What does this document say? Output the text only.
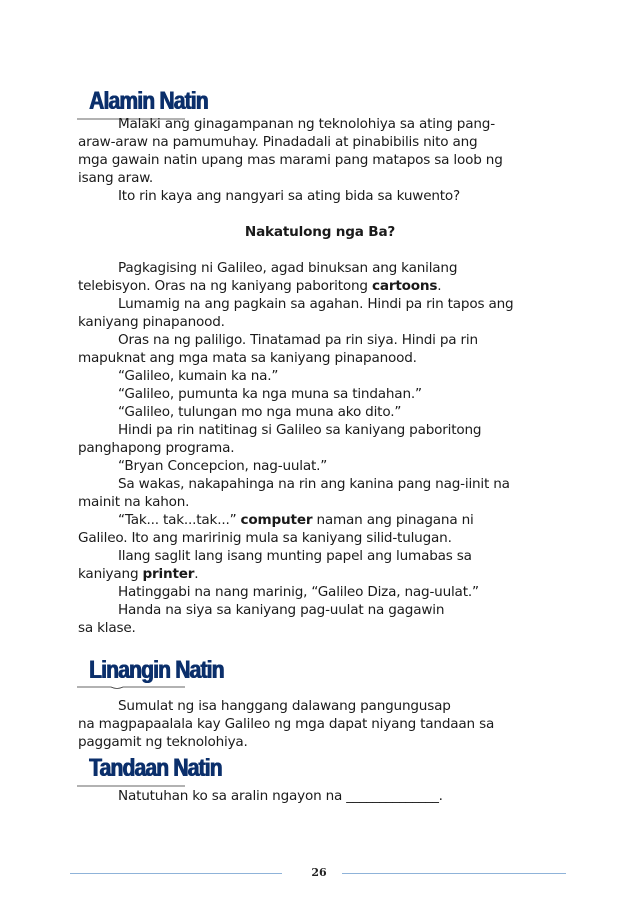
Alamin Natin

Malaki ang ginagampanan ng teknolohiya sa ating pang-

araw-araw na pamumuhay. Pinadadali at pinabibilis nito ang

mga gawain natin upang mas marami pang matapos sa loob ng

isang araw.

Ito rin kaya ang nangyari sa ating bida sa kuwento?

Nakatulong nga Ba?

Pagkagising ni Galileo, agad binuksan ang kanilang

telebisyon. Oras na ng kaniyang paboritong cartoons.

Lumamig na ang pagkain sa agahan. Hindi pa rin tapos ang

kaniyang pinapanood.

Oras na ng paliligo. Tinatamad pa rin siya. Hindi pa rin

mapuknat ang mga mata sa kaniyang pinapanood.

“Galileo, kumain ka na.”

“Galileo, pumunta ka nga muna sa tindahan.”

“Galileo, tulungan mo nga muna ako dito.”

Hindi pa rin natitinag si Galileo sa kaniyang paboritong

panghapong programa.

“Bryan Concepcion, nag-uulat.”

Sa wakas, nakapahinga na rin ang kanina pang nag-iinit na

mainit na kahon.

“Tak... tak...tak...” computer naman ang pinagana ni

Galileo. Ito ang maririnig mula sa kaniyang silid-tulugan.

Ilang saglit lang isang munting papel ang lumabas sa

kaniyang printer.

Hatinggabi na nang marinig, “Galileo Diza, nag-uulat.”

Handa na siya sa kaniyang pag-uulat na gagawin

sa klase.

Linangin Natin

Sumulat ng isa hanggang dalawang pangungusap

na magpapaalala kay Galileo ng mga dapat niyang tandaan sa

paggamit ng teknolohiya.

Tandaan Natin

Natutuhan ko sa aralin ngayon na ______________.

26
